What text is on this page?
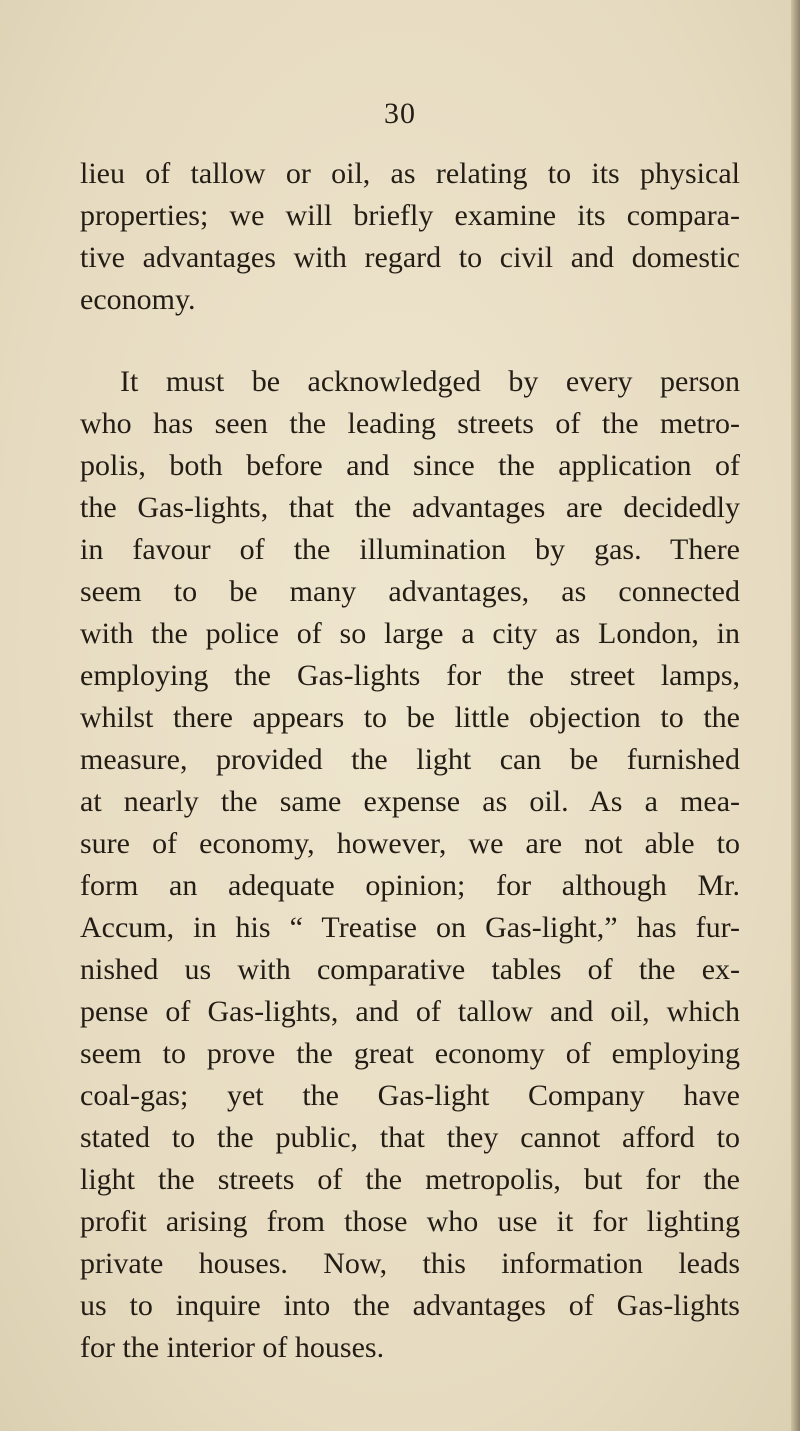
30
lieu of tallow or oil, as relating to its physical
properties; we will briefly examine its compara-
tive advantages with regard to civil and domestic
economy.
It must be acknowledged by every person
who has seen the leading streets of the metro-
polis, both before and since the application of
the Gas-lights, that the advantages are decidedly
in favour of the illumination by gas. There
seem to be many advantages, as connected
with the police of so large a city as London, in
employing the Gas-lights for the street lamps,
whilst there appears to be little objection to the
measure, provided the light can be furnished
at nearly the same expense as oil. As a mea-
sure of economy, however, we are not able to
form an adequate opinion; for although Mr.
Accum, in his “ Treatise on Gas-light,” has fur-
nished us with comparative tables of the ex-
pense of Gas-lights, and of tallow and oil, which
seem to prove the great economy of employing
coal-gas; yet the Gas-light Company have
stated to the public, that they cannot afford to
light the streets of the metropolis, but for the
profit arising from those who use it for lighting
private houses. Now, this information leads
us to inquire into the advantages of Gas-lights
for the interior of houses.
